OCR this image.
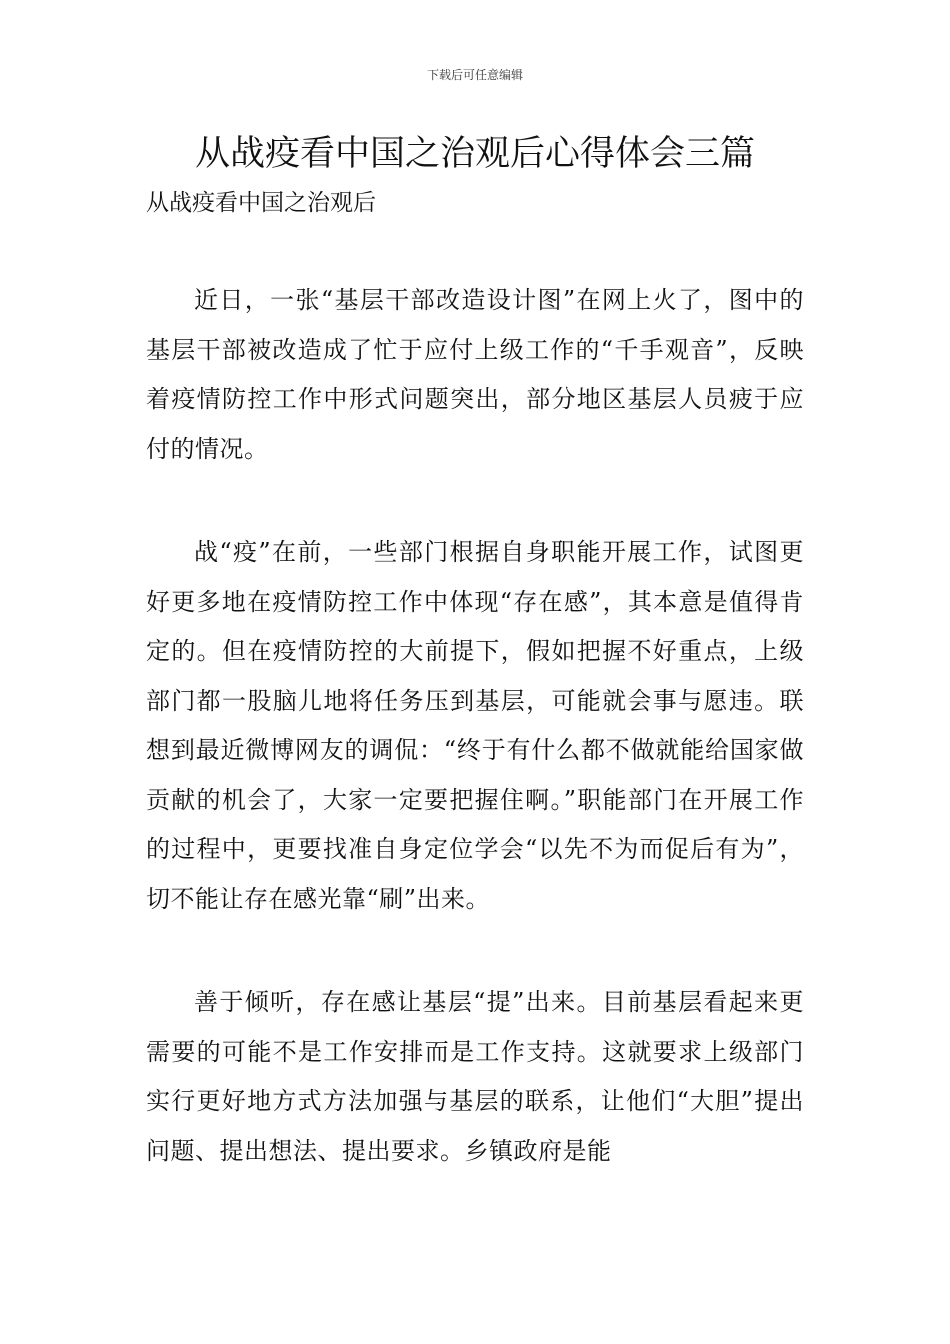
下载后可任意编辑
从战疫看中国之治观后心得体会三篇

从战疫看中国之治观后

近日，一张“基层干部改造设计图”在网上火了，图中的基层干部被改造成了忙于应付上级工作的“千手观音”，反映着疫情防控工作中形式问题突出，部分地区基层人员疲于应付的情况。

战“疫”在前，一些部门根据自身职能开展工作，试图更好更多地在疫情防控工作中体现“存在感”，其本意是值得肯定的。但在疫情防控的大前提下，假如把握不好重点，上级部门都一股脑儿地将任务压到基层，可能就会事与愿违。联想到最近微博网友的调侃：“终于有什么都不做就能给国家做贡献的机会了，大家一定要把握住啊。”职能部门在开展工作的过程中，更要找准自身定位学会“以先不为而促后有为”，切不能让存在感光靠“刷”出来。

善于倾听，存在感让基层“提”出来。目前基层看起来更需要的可能不是工作安排而是工作支持。这就要求上级部门实行更好地方式方法加强与基层的联系，让他们“大胆”提出问题、提出想法、提出要求。乡镇政府是能
